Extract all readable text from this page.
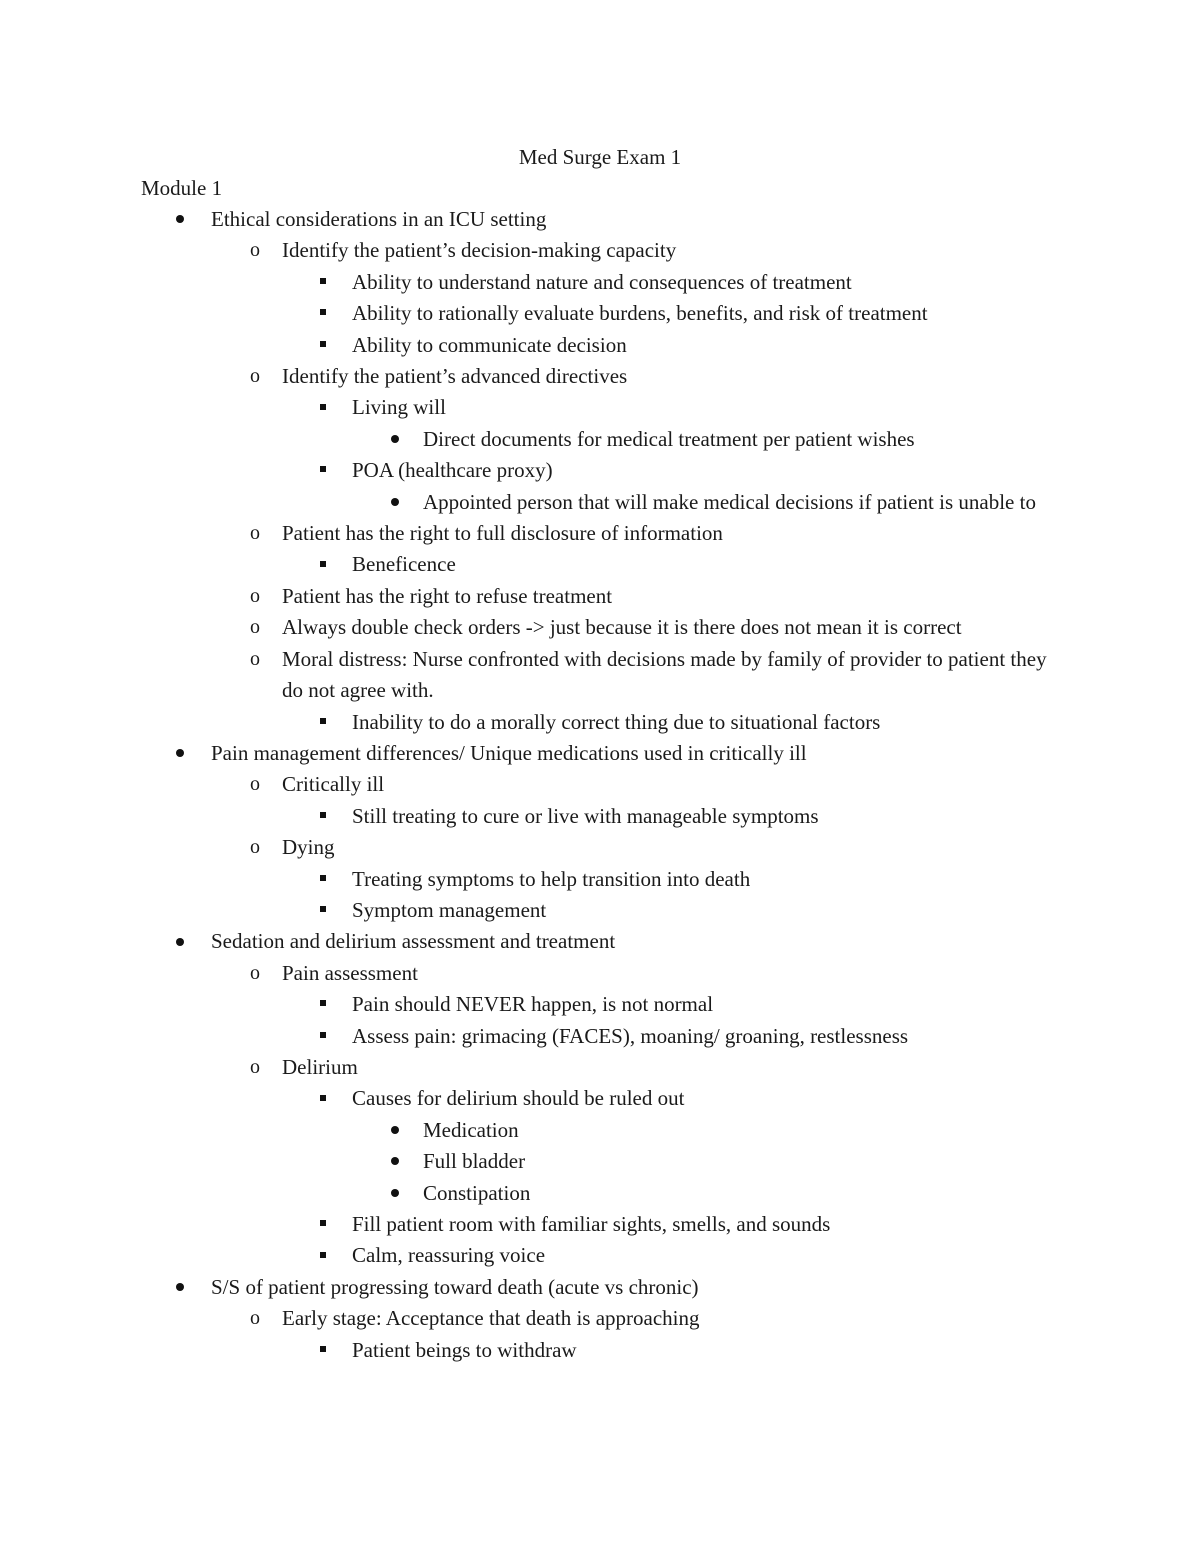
Med Surge Exam 1
Module 1
Ethical considerations in an ICU setting
o	Identify the patient’s decision-making capacity
Ability to understand nature and consequences of treatment
Ability to rationally evaluate burdens, benefits, and risk of treatment
Ability to communicate decision
o	Identify the patient’s advanced directives
Living will
Direct documents for medical treatment per patient wishes
POA (healthcare proxy)
Appointed person that will make medical decisions if patient is unable to
o	Patient has the right to full disclosure of information
Beneficence
o	Patient has the right to refuse treatment
o	Always double check orders -> just because it is there does not mean it is correct
o	Moral distress: Nurse confronted with decisions made by family of provider to patient they do not agree with.
Inability to do a morally correct thing due to situational factors
Pain management differences/ Unique medications used in critically ill
o	Critically ill
Still treating to cure or live with manageable symptoms
o	Dying
Treating symptoms to help transition into death
Symptom management
Sedation and delirium assessment and treatment
o	Pain assessment
Pain should NEVER happen, is not normal
Assess pain: grimacing (FACES), moaning/ groaning, restlessness
o	Delirium
Causes for delirium should be ruled out
Medication
Full bladder
Constipation
Fill patient room with familiar sights, smells, and sounds
Calm, reassuring voice
S/S of patient progressing toward death (acute vs chronic)
o	Early stage: Acceptance that death is approaching
Patient beings to withdraw
